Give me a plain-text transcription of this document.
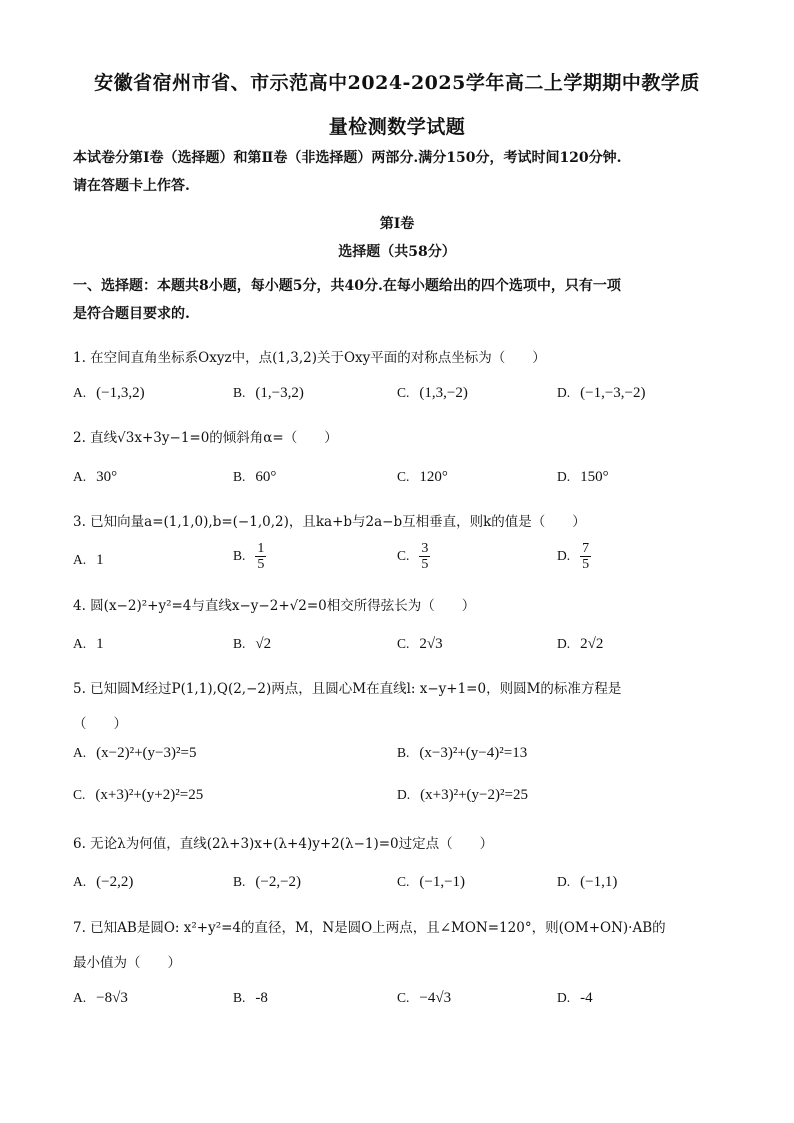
安徽省宿州市省、市示范高中2024-2025学年高二上学期期中教学质
量检测数学试题
本试卷分第Ⅰ卷（选择题）和第Ⅱ卷（非选择题）两部分.满分150分，考试时间120分钟.
请在答题卡上作答.
第Ⅰ卷
选择题（共58分）
一、选择题：本题共8小题，每小题5分，共40分.在每小题给出的四个选项中，只有一项
是符合题目要求的.
1. 在空间直角坐标系Oxyz中，点(1,3,2)关于Oxy平面的对称点坐标为（　　）
A. (−1,3,2)	B. (1,−3,2)	C. (1,3,−2)	D. (−1,−3,−2)
2. 直线√3x+3y−1=0的倾斜角α=（　　）
A. 30°	B. 60°	C. 120°	D. 150°
3. 已知向量a=(1,1,0),b=(−1,0,2)，且ka+b与2a−b互相垂直，则k的值是（　　）
A. 1	B. $\frac{1}{5}$	C. $\frac{3}{5}$	D. $\frac{7}{5}$
4. 圆(x−2)²+y²=4与直线x−y−2+√2=0相交所得弦长为（　　）
A. 1	B. √2	C. 2√3	D. 2√2
5. 已知圆M经过P(1,1),Q(2,−2)两点，且圆心M在直线l: x−y+1=0，则圆M的标准方程是
（　　）
A. (x−2)²+(y−3)²=5	B. (x−3)²+(y−4)²=13
C. (x+3)²+(y+2)²=25	D. (x+3)²+(y−2)²=25
6. 无论λ为何值，直线(2λ+3)x+(λ+4)y+2(λ−1)=0过定点（　　）
A. (−2,2)	B. (−2,−2)	C. (−1,−1)	D. (−1,1)
7. 已知AB是圆O: x²+y²=4的直径，M，N是圆O上两点，且∠MON=120°，则(OM+ON)·AB的
最小值为（　　）
A. −8√3	B. -8	C. −4√3	D. -4
